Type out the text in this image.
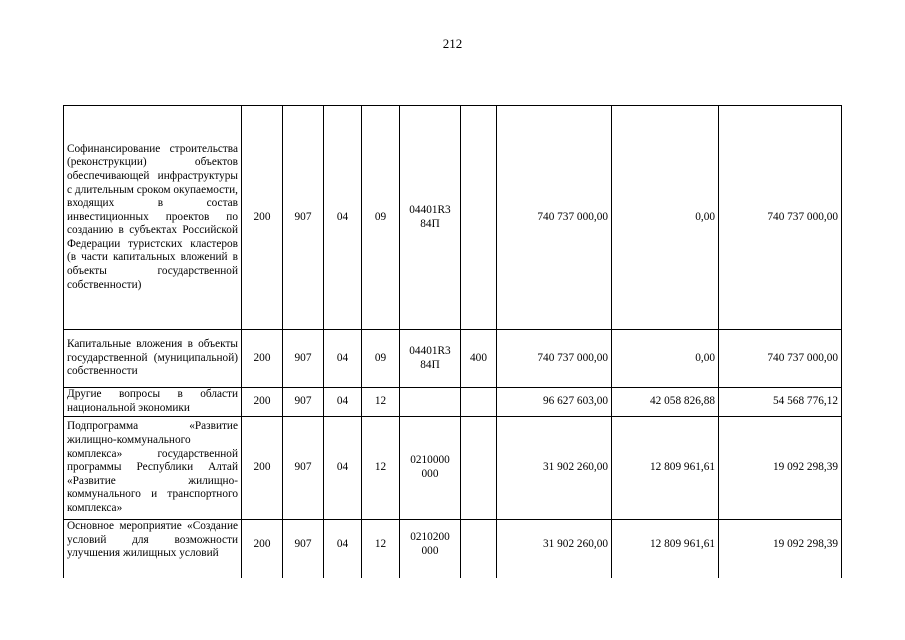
212
Софинансирование строительства (реконструкции) объектов обеспечивающей инфраструктуры с длительным сроком окупаемости, входящих в состав инвестиционных проектов по созданию в субъектах Российской Федерации туристских кластеров (в части капитальных вложений в объекты государственной собственности)	200	907	04	09	04401R3 84П		740 737 000,00	0,00	740 737 000,00
Капитальные вложения в объекты государственной (муниципальной) собственности	200	907	04	09	04401R3 84П	400	740 737 000,00	0,00	740 737 000,00
Другие вопросы в области национальной экономики	200	907	04	12			96 627 603,00	42 058 826,88	54 568 776,12
Подпрограмма «Развитие жилищно-коммунального комплекса» государственной программы Республики Алтай «Развитие жилищно-коммунального и транспортного комплекса»	200	907	04	12	0210000 000		31 902 260,00	12 809 961,61	19 092 298,39
Основное мероприятие «Создание условий для возможности улучшения жилищных условий	200	907	04	12	0210200 000		31 902 260,00	12 809 961,61	19 092 298,39
